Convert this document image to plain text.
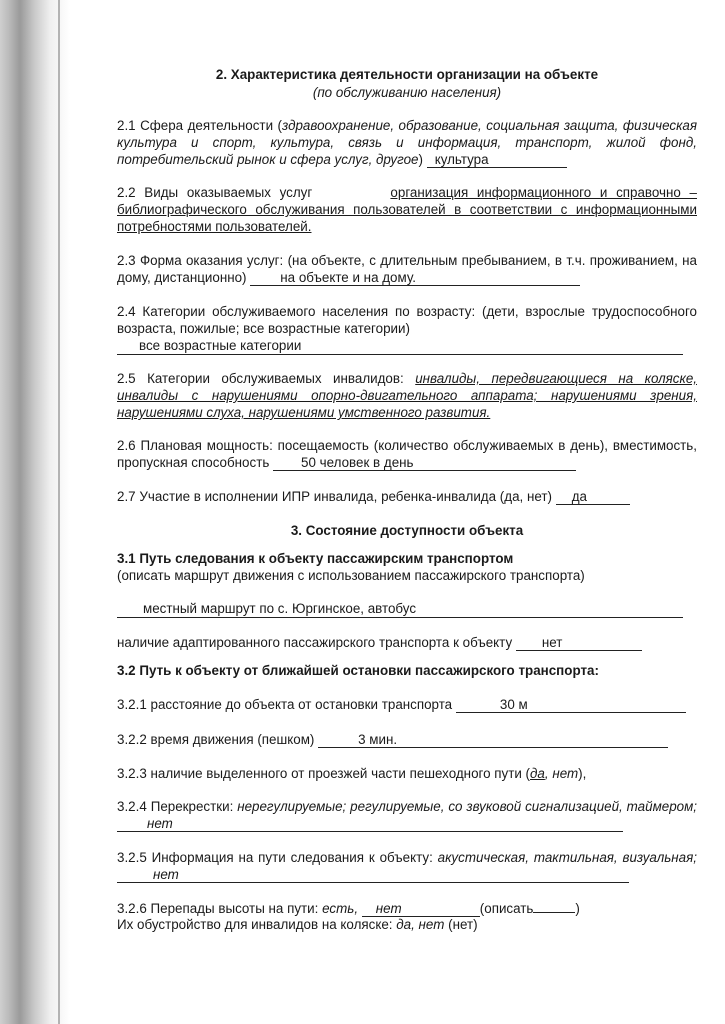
2. Характеристика деятельности организации на объекте
(по обслуживанию населения)
2.1 Сфера деятельности (здравоохранение, образование, социальная защита, физическая культура и спорт, культура, связь и информация, транспорт, жилой фонд, потребительский рынок и сфера услуг, другое) культура
2.2 Виды оказываемых услуг	организация информационного и справочно – библиографического обслуживания пользователей в соответствии с информационными потребностями пользователей.
2.3 Форма оказания услуг: (на объекте, с длительным пребыванием, в т.ч. проживанием, на дому, дистанционно)	на объекте и на дому.
2.4 Категории обслуживаемого населения по возрасту: (дети, взрослые трудоспособного возраста, пожилые; все возрастные категории)
все возрастные категории
2.5 Категории обслуживаемых инвалидов: инвалиды, передвигающиеся на коляске, инвалиды с нарушениями опорно-двигательного аппарата; нарушениями зрения, нарушениями слуха, нарушениями умственного развития.
2.6 Плановая мощность: посещаемость (количество обслуживаемых в день), вместимость, пропускная способность 50 человек в день
2.7 Участие в исполнении ИПР инвалида, ребенка-инвалида (да, нет) да
3. Состояние доступности объекта
3.1 Путь следования к объекту пассажирским транспортом
(описать маршрут движения с использованием пассажирского транспорта)
местный маршрут по с. Юргинское, автобус
наличие адаптированного пассажирского транспорта к объекту нет
3.2 Путь к объекту от ближайшей остановки пассажирского транспорта:
3.2.1 расстояние до объекта от остановки транспорта	30 м
3.2.2 время движения (пешком)	3 мин.
3.2.3 наличие выделенного от проезжей части пешеходного пути (да, нет),
3.2.4 Перекрестки: нерегулируемые; регулируемые, со звуковой сигнализацией, таймером; нет
3.2.5 Информация на пути следования к объекту: акустическая, тактильная, визуальная; нет
3.2.6 Перепады высоты на пути: есть, нет	(описать	)
Их обустройство для инвалидов на коляске: да, нет (нет)
